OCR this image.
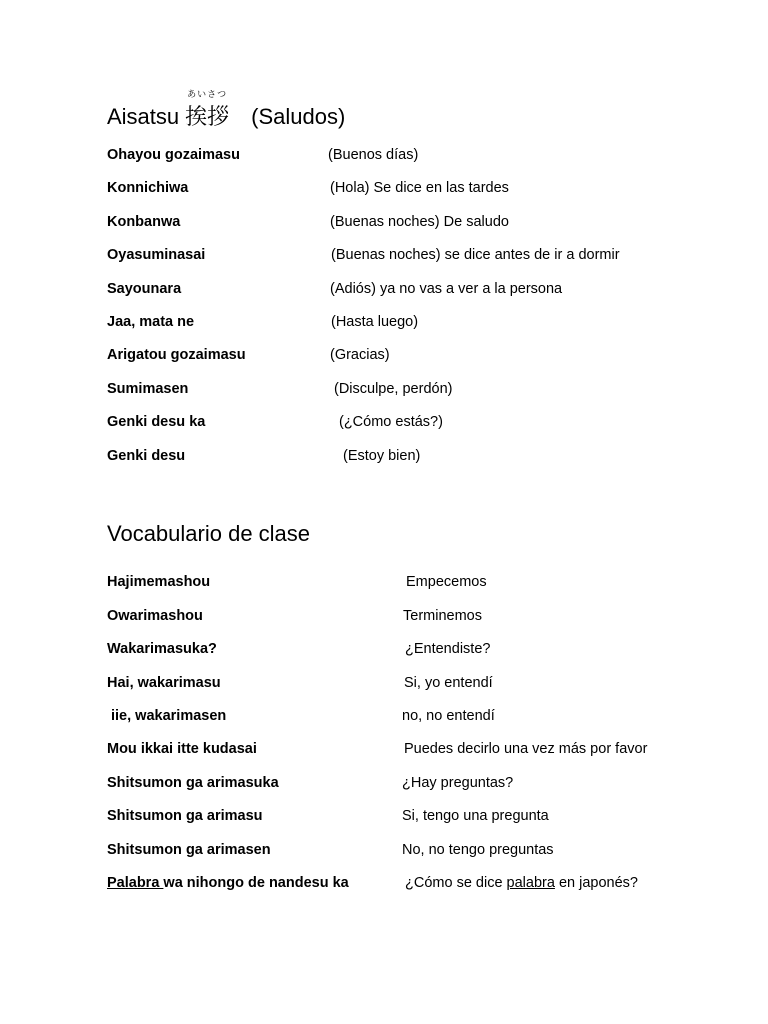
Aisatsu
あいさつ
挨拶 (Saludos)
Ohayou gozaimasu	(Buenos días)
Konnichiwa	(Hola) Se dice en las tardes
Konbanwa	(Buenas noches) De saludo
Oyasuminasai	(Buenas noches) se dice antes de ir a dormir
Sayounara	(Adiós) ya no vas a ver a la persona
Jaa, mata ne	(Hasta luego)
Arigatou gozaimasu	(Gracias)
Sumimasen	(Disculpe, perdón)
Genki desu ka	(¿Cómo estás?)
Genki desu	(Estoy bien)
Vocabulario de clase
Hajimemashou	Empecemos
Owarimashou	Terminemos
Wakarimasuka?	¿Entendiste?
Hai, wakarimasu	Si, yo entendí
iie, wakarimasen	no, no entendí
Mou ikkai itte kudasai	Puedes decirlo una vez más por favor
Shitsumon ga arimasuka	¿Hay preguntas?
Shitsumon ga arimasu	Si, tengo una pregunta
Shitsumon ga arimasen	No, no tengo preguntas
Palabra wa nihongo de nandesu ka	¿Cómo se dice palabra en japonés?
